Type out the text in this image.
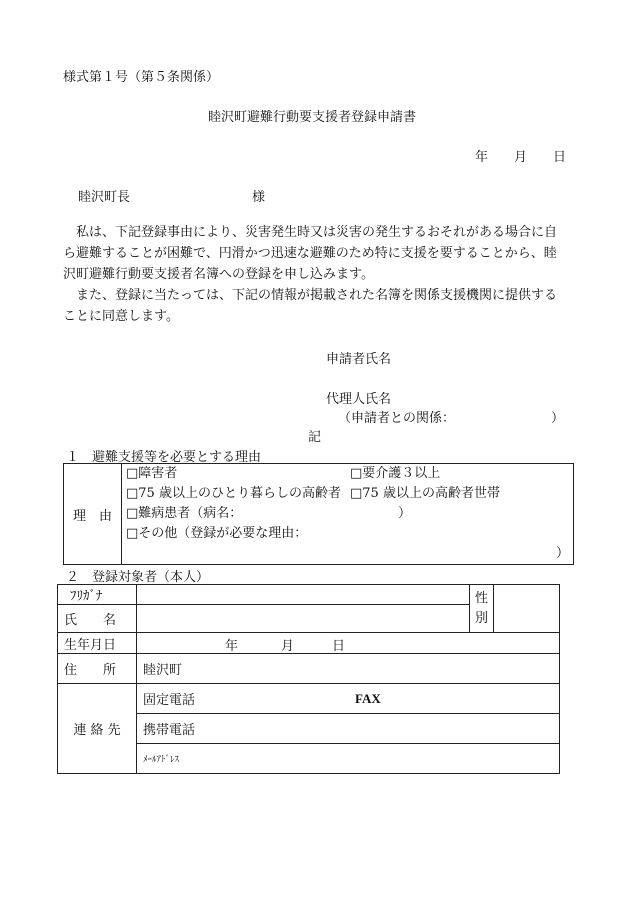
様式第１号（第５条関係）
睦沢町避難行動要支援者登録申請書
年 月 日
睦沢町長	様
私は、下記登録事由により、災害発生時又は災害の発生するおそれがある場合に自
ら避難することが困難で、円滑かつ迅速な避難のため特に支援を要することから、睦
沢町避難行動要支援者名簿への登録を申し込みます。
また、登録に当たっては、下記の情報が掲載された名簿を関係支援機関に提供する
ことに同意します。
申請者氏名
代理人氏名
（申請者との関係：	）
記
１　避難支援等を必要とする理由
理　由	
□障害者	□要介護３以上
□75 歳以上のひとり暮らしの高齢者 □75 歳以上の高齢者世帯
□難病患者（病名：	）
□その他（登録が必要な理由：
）
２　登録対象者（本人）
ﾌﾘｶﾞﾅ		性
別	

氏　　名			
生年月日	年 月 日		

住　　所	睦沢町		
連 絡 先	固定電話 FAX		

	携帯電話		
	ﾒｰﾙｱﾄﾞﾚｽ		
